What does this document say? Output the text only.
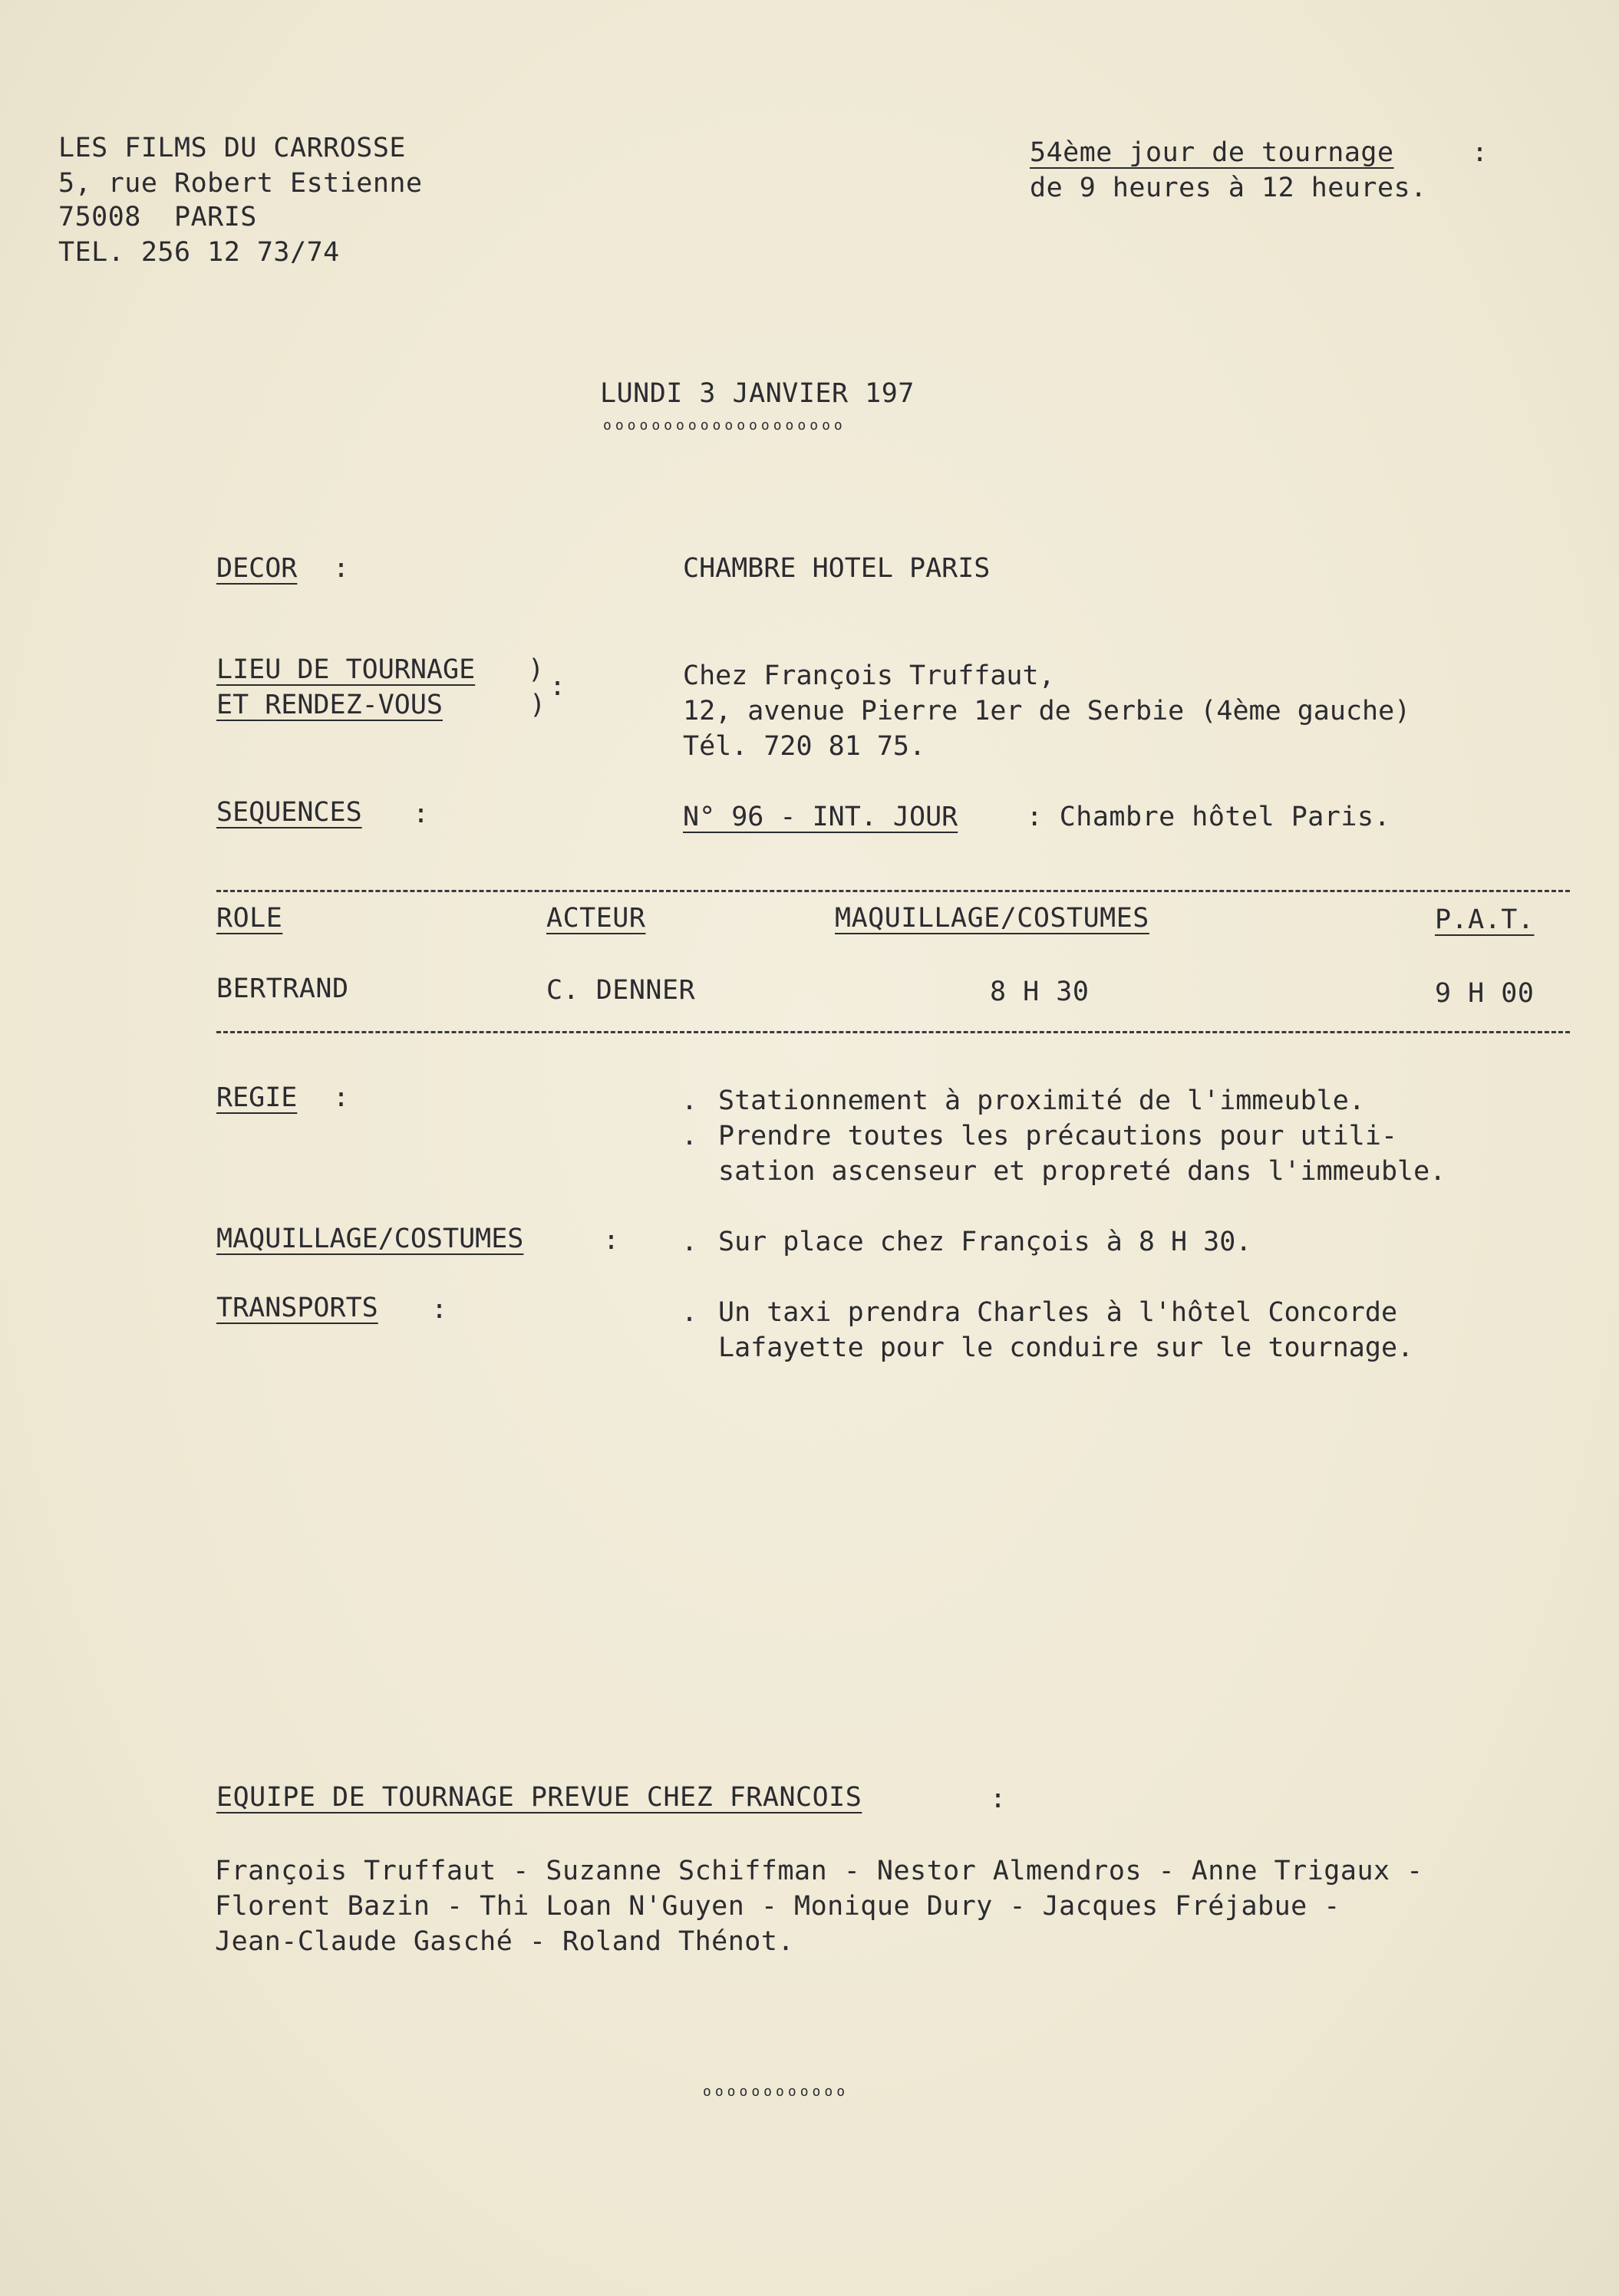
LES FILMS DU CARROSSE
5, rue Robert Estienne
75008  PARIS
TEL. 256 12 73/74
54ème jour de tournage	:
de 9 heures à 12 heures.
LUNDI 3 JANVIER 197
oooooooooooooooooooo
DECOR :	CHAMBRE HOTEL PARIS
LIEU DE TOURNAGE )
ET RENDEZ-VOUS	)
:	Chez François Truffaut,
12, avenue Pierre 1er de Serbie (4ème gauche)
Tél. 720 81 75.
SEQUENCES :	N° 96 - INT. JOUR : Chambre hôtel Paris.
ROLE	ACTEUR	MAQUILLAGE/COSTUMES	P.A.T.
BERTRAND	C. DENNER	8 H 30	9 H 00
REGIE :	. Stationnement à proximité de l'immeuble.
. Prendre toutes les précautions pour utili-
sation ascenseur et propreté dans l'immeuble.
MAQUILLAGE/COSTUMES	: . Sur place chez François à 8 H 30.
TRANSPORTS :	. Un taxi prendra Charles à l'hôtel Concorde
Lafayette pour le conduire sur le tournage.
EQUIPE DE TOURNAGE PREVUE CHEZ FRANCOIS	:
François Truffaut - Suzanne Schiffman - Nestor Almendros - Anne Trigaux -
Florent Bazin - Thi Loan N'Guyen - Monique Dury - Jacques Fréjabue -
Jean-Claude Gasché - Roland Thénot.
oooooooooooo
